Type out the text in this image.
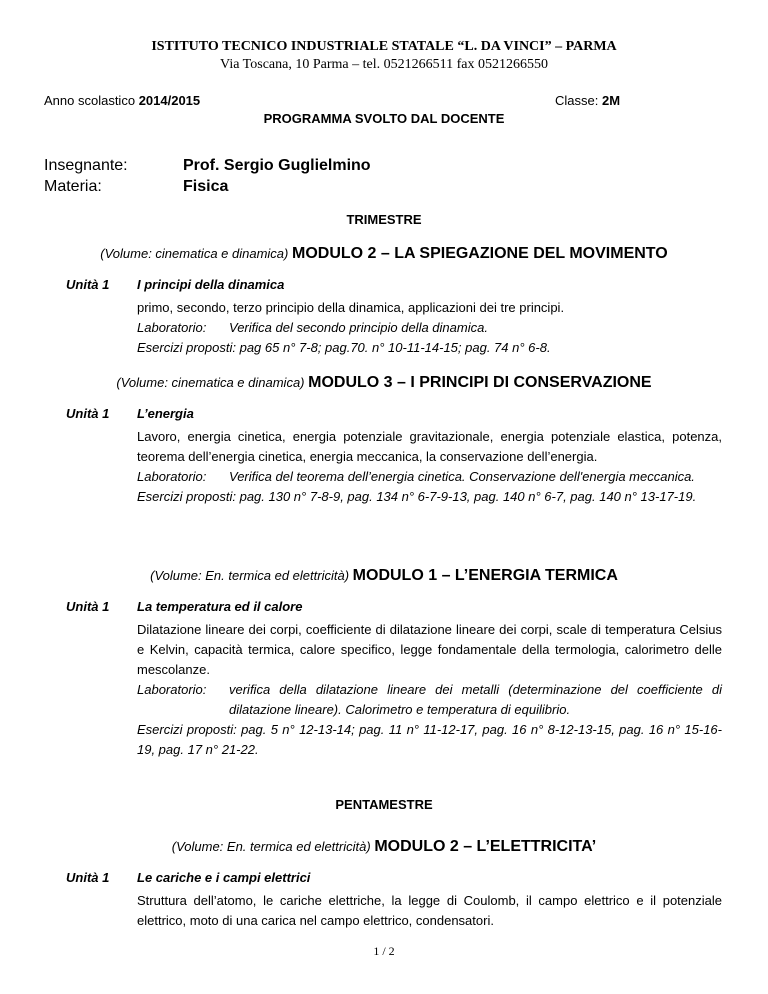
ISTITUTO TECNICO INDUSTRIALE STATALE “L. DA VINCI” – PARMA
Via Toscana, 10 Parma – tel. 0521266511 fax 0521266550
Anno scolastico 2014/2015	Classe: 2M
PROGRAMMA SVOLTO DAL DOCENTE
Insegnante:	Prof. Sergio Guglielmino
Materia:	Fisica
TRIMESTRE
(Volume: cinematica e dinamica) MODULO 2 – LA SPIEGAZIONE DEL MOVIMENTO
Unità 1 I principi della dinamica

primo, secondo, terzo principio della dinamica, applicazioni dei tre principi.

Laboratorio:	Verifica del secondo principio della dinamica.

Esercizi proposti: pag 65 n° 7-8; pag.70. n° 10-11-14-15; pag. 74 n° 6-8.

(Volume: cinematica e dinamica) MODULO 3 – I PRINCIPI DI CONSERVAZIONE
Unità 1 L’energia

Lavoro, energia cinetica, energia potenziale gravitazionale, energia potenziale elastica, potenza, teorema dell’energia cinetica, energia meccanica, la conservazione dell’energia.

Laboratorio:	Verifica del teorema dell’energia cinetica. Conservazione dell'energia meccanica.

Esercizi proposti: pag. 130 n° 7-8-9, pag. 134 n° 6-7-9-13, pag. 140 n° 6-7, pag. 140 n° 13-17-19.

(Volume: En. termica ed elettricità) MODULO 1 – L’ENERGIA TERMICA
Unità 1 La temperatura ed il calore

Dilatazione lineare dei corpi, coefficiente di dilatazione lineare dei corpi, scale di temperatura Celsius e Kelvin, capacità termica, calore specifico, legge fondamentale della termologia, calorimetro delle mescolanze.

Laboratorio:	verifica della dilatazione lineare dei metalli (determinazione del coefficiente di dilatazione lineare). Calorimetro e temperatura di equilibrio.

Esercizi proposti: pag. 5 n° 12-13-14; pag. 11 n° 11-12-17, pag. 16 n° 8-12-13-15, pag. 16 n° 15-16-19, pag. 17 n° 21-22.

PENTAMESTRE
(Volume: En. termica ed elettricità) MODULO 2 – L’ELETTRICITA’
Unità 1 Le cariche e i campi elettrici

Struttura dell’atomo, le cariche elettriche, la legge di Coulomb, il campo elettrico e il potenziale elettrico, moto di una carica nel campo elettrico, condensatori.

1 / 2
